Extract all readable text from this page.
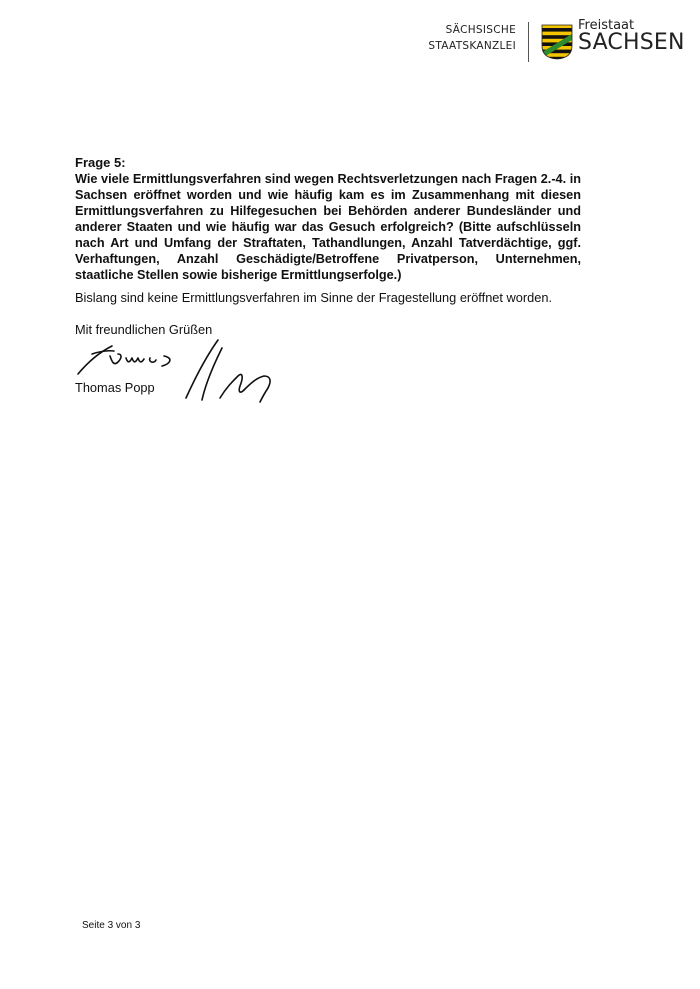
SÄCHSISCHE
STAATSKANZLEI
Freistaat
SACHSEN
Frage 5:
Wie viele Ermittlungsverfahren sind wegen Rechtsverletzungen nach Fragen 2.-4. in Sachsen eröffnet worden und wie häufig kam es im Zusammenhang mit diesen Ermittlungsverfahren zu Hilfegesuchen bei Behörden anderer Bundesländer und anderer Staaten und wie häufig war das Gesuch erfolgreich? (Bitte aufschlüsseln nach Art und Umfang der Straftaten, Tathandlungen, Anzahl Tatverdächtige, ggf. Verhaftungen, Anzahl Geschädigte/Betroffene Privatperson, Unternehmen, staatliche Stellen sowie bisherige Ermittlungserfolge.)
Bislang sind keine Ermittlungsverfahren im Sinne der Fragestellung eröffnet worden.
Mit freundlichen Grüßen
Thomas Popp
Seite 3 von 3
